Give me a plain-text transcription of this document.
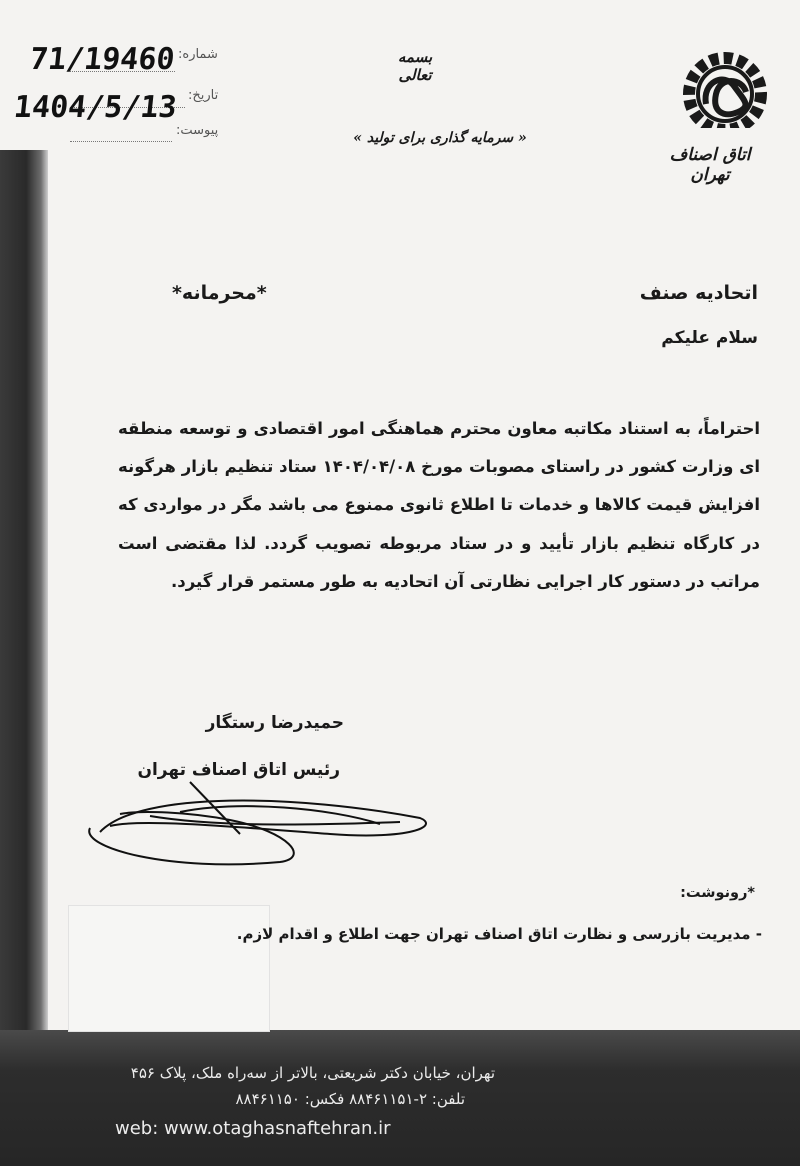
شماره:
تاریخ:
پیوست:
71/19460
1404/5/13
بسمه تعالی
« سرمایه گذاری برای تولید »
اتاق اصناف تهران
اتحادیه صنف
*محرمانه*
سلام علیکم
احتراماً، به استناد مکاتبه معاون محترم هماهنگی امور اقتصادی و توسعه منطقه ای وزارت کشور در راستای مصوبات مورخ ۱۴۰۴/۰۴/۰۸ ستاد تنظیم بازار هرگونه افزایش قیمت کالاها و خدمات تا اطلاع ثانوی ممنوع می باشد مگر در مواردی که در کارگاه تنظیم بازار تأیید و در ستاد مربوطه تصویب گردد. لذا مقتضی است مراتب در دستور کار اجرایی نظارتی آن اتحادیه به طور مستمر قرار گیرد.
حمیدرضا رستگار
رئیس اتاق اصناف تهران
*رونوشت:
- مدیریت بازرسی و نظارت اتاق اصناف تهران جهت اطلاع و اقدام لازم.
تهران، خیابان دکتر شریعتی، بالاتر از سه‌راه ملک، پلاک ۴۵۶
تلفن: ۲-۸۸۴۶۱۱۵۱ فکس: ۸۸۴۶۱۱۵۰
web: www.otaghasnaftehran.ir
